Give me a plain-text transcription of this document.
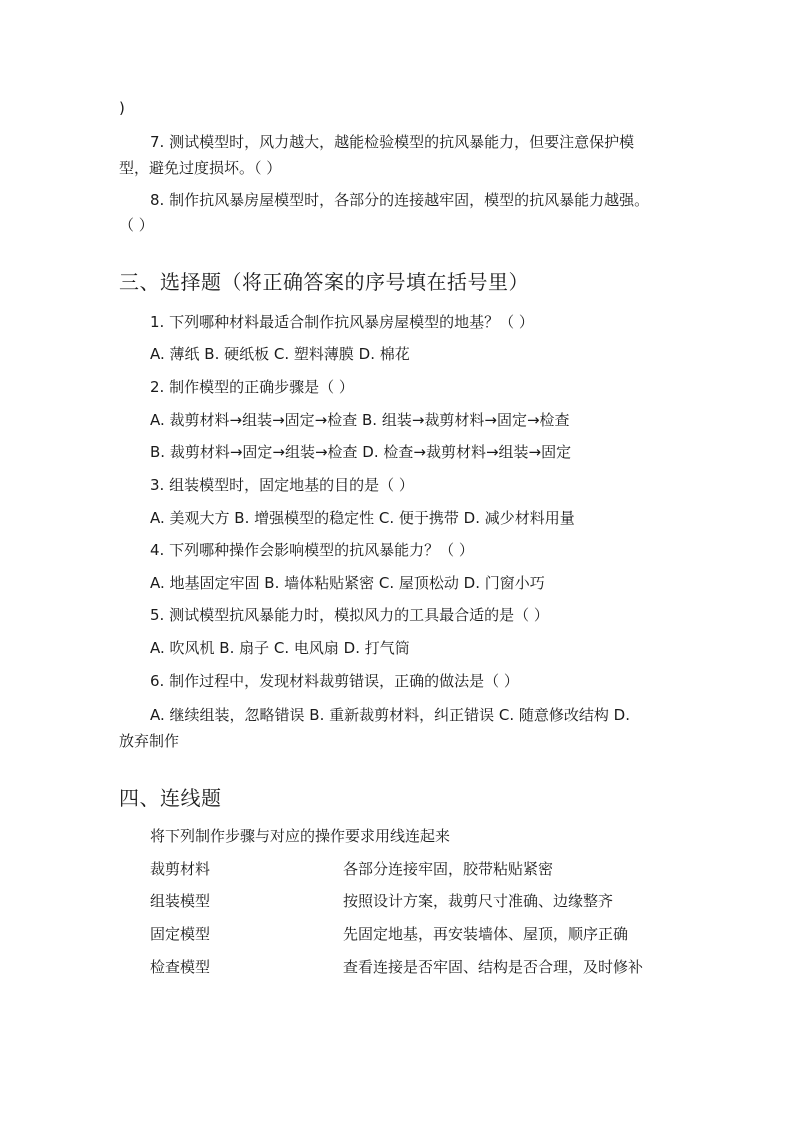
)
7. 测试模型时，风力越大，越能检验模型的抗风暴能力，但要注意保护模
型，避免过度损坏。（ ）
8. 制作抗风暴房屋模型时，各部分的连接越牢固，模型的抗风暴能力越强。
（ ）
三、选择题（将正确答案的序号填在括号里）
1. 下列哪种材料最适合制作抗风暴房屋模型的地基？（ ）
A. 薄纸 B. 硬纸板 C. 塑料薄膜 D. 棉花
2. 制作模型的正确步骤是（ ）
A. 裁剪材料→组装→固定→检查 B. 组装→裁剪材料→固定→检查
B. 裁剪材料→固定→组装→检查 D. 检查→裁剪材料→组装→固定
3. 组装模型时，固定地基的目的是（ ）
A. 美观大方 B. 增强模型的稳定性 C. 便于携带 D. 减少材料用量
4. 下列哪种操作会影响模型的抗风暴能力？（ ）
A. 地基固定牢固 B. 墙体粘贴紧密 C. 屋顶松动 D. 门窗小巧
5. 测试模型抗风暴能力时，模拟风力的工具最合适的是（ ）
A. 吹风机 B. 扇子 C. 电风扇 D. 打气筒
6. 制作过程中，发现材料裁剪错误，正确的做法是（ ）
A. 继续组装，忽略错误 B. 重新裁剪材料，纠正错误 C. 随意修改结构 D.
放弃制作
四、连线题
将下列制作步骤与对应的操作要求用线连起来
裁剪材料	各部分连接牢固，胶带粘贴紧密
组装模型	按照设计方案，裁剪尺寸准确、边缘整齐
固定模型	先固定地基，再安装墙体、屋顶，顺序正确
检查模型	查看连接是否牢固、结构是否合理，及时修补
